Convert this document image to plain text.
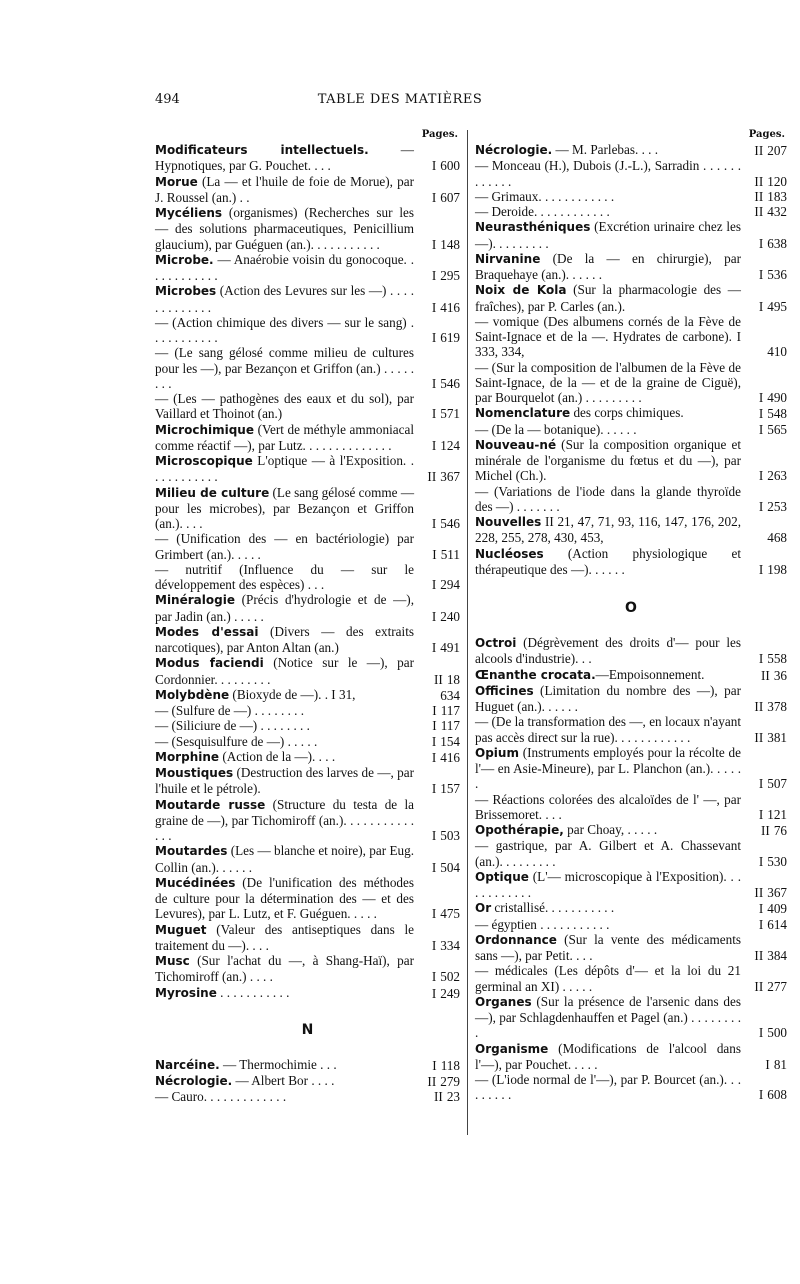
494	TABLE DES MATIÈRES
Pages.
Modificateurs intellectuels. — Hypnotiques, par G. Pouchet. . . .	I 600
Morue (La — et l'huile de foie de Morue), par J. Roussel (an.) . .	I 607
Mycéliens (organismes) (Recherches sur les — des solutions pharmaceutiques, Penicillium glaucium), par Guéguen (an.). . . . . . . . . . .	I 148
Microbe. — Anaérobie voisin du gonocoque. . . . . . . . . . . .	I 295
Microbes (Action des Levures sur les —) . . . . . . . . . . . . .	I 416
— (Action chimique des divers — sur le sang) . . . . . . . . . . .	I 619
— (Le sang gélosé comme milieu de cultures pour les —), par Bezançon et Griffon (an.) . . . . . . . .	I 546
— (Les — pathogènes des eaux et du sol), par Vaillard et Thoinot (an.)	I 571
Microchimique (Vert de méthyle ammoniacal comme réactif —), par Lutz. . . . . . . . . . . . . .	I 124
Microscopique L'optique — à l'Exposition. . . . . . . . . . . .	II 367
Milieu de culture (Le sang gélosé comme — pour les microbes), par Bezançon et Griffon (an.). . . .	I 546
— (Unification des — en bactériologie) par Grimbert (an.). . . . .	I 511
— nutritif (Influence du — sur le développement des espèces) . . .	I 294
Minéralogie (Précis d'hydrologie et de —), par Jadin (an.) . . . . .	I 240
Modes d'essai (Divers — des extraits narcotiques), par Anton Altan (an.)	I 491
Modus faciendi (Notice sur le —), par Cordonnier. . . . . . . . .	II 18
Molybdène (Bioxyde de —). . I 31,	634
— (Sulfure de —) . . . . . . . .	I 117
— (Siliciure de —) . . . . . . . .	I 117
— (Sesquisulfure de —) . . . . .	I 154
Morphine (Action de la —). . . .	I 416
Moustiques (Destruction des larves de —, par l'huile et le pétrole).	I 157
Moutarde russe (Structure du testa de la graine de —), par Tichomiroff (an.). . . . . . . . . . . . . .	I 503
Moutardes (Les — blanche et noire), par Eug. Collin (an.). . . . . .	I 504
Mucédinées (De l'unification des méthodes de culture pour la détermination des — et des Levures), par L. Lutz, et F. Guéguen. . . . .	I 475
Muguet (Valeur des antiseptiques dans le traitement du —). . . .	I 334
Musc (Sur l'achat du —, à Shang-Haï), par Tichomiroff (an.) . . . .	I 502
Myrosine . . . . . . . . . . .	I 249
N
Narcéine. — Thermochimie . . .	I 118
Nécrologie. — Albert Bor . . . .	II 279
— Cauro. . . . . . . . . . . . .	II 23
Pages.
Nécrologie. — M. Parlebas. . . .	II 207
— Monceau (H.), Dubois (J.-L.), Sarradin . . . . . . . . . . . .	II 120
— Grimaux. . . . . . . . . . . .	II 183
— Deroide. . . . . . . . . . . .	II 432
Neurasthéniques (Excrétion urinaire chez les —). . . . . . . . .	I 638
Nirvanine (De la — en chirurgie), par Braquehaye (an.). . . . . .	I 536
Noix de Kola (Sur la pharmacologie des — fraîches), par P. Carles (an.).	I 495
— vomique (Des albumens cornés de la Fève de Saint-Ignace et de la —. Hydrates de carbone). I 333, 334,	410
— (Sur la composition de l'albumen de la Fève de Saint-Ignace, de la — et de la graine de Ciguë), par Bourquelot (an.) . . . . . . . . .	I 490
Nomenclature des corps chimiques.	I 548
— (De la — botanique). . . . . .	I 565
Nouveau-né (Sur la composition organique et minérale de l'organisme du fœtus et du —), par Michel (Ch.).	I 263
— (Variations de l'iode dans la glande thyroïde des —) . . . . . . .	I 253
Nouvelles II 21, 47, 71, 93, 116, 147, 176, 202, 228, 255, 278, 430, 453,	468
Nucléoses (Action physiologique et thérapeutique des —). . . . . .	I 198
O
Octroi (Dégrèvement des droits d'— pour les alcools d'industrie). . .	I 558
Œnanthe crocata.—Empoisonnement.	II 36
Officines (Limitation du nombre des —), par Huguet (an.). . . . . .	II 378
— (De la transformation des —, en locaux n'ayant pas accès direct sur la rue). . . . . . . . . . . .	II 381
Opium (Instruments employés pour la récolte de l'— en Asie-Mineure), par L. Planchon (an.). . . . . .	I 507
— Réactions colorées des alcaloïdes de l' —, par Brissemoret. . . .	I 121
Opothérapie, par Choay, . . . . .	II 76
— gastrique, par A. Gilbert et A. Chassevant (an.). . . . . . . . .	I 530
Optique (L'— microscopique à l'Exposition). . . . . . . . . . . .	II 367
Or cristallisé. . . . . . . . . . .	I 409
— égyptien . . . . . . . . . . .	I 614
Ordonnance (Sur la vente des médicaments sans —), par Petit. . . .	II 384
— médicales (Les dépôts d'— et la loi du 21 germinal an XI) . . . . .	II 277
Organes (Sur la présence de l'arsenic dans des —), par Schlagdenhauffen et Pagel (an.) . . . . . . . . .	I 500
Organisme (Modifications de l'alcool dans l'—), par Pouchet. . . . .	I 81
— (L'iode normal de l'—), par P. Bourcet (an.). . . . . . . . .	I 608
